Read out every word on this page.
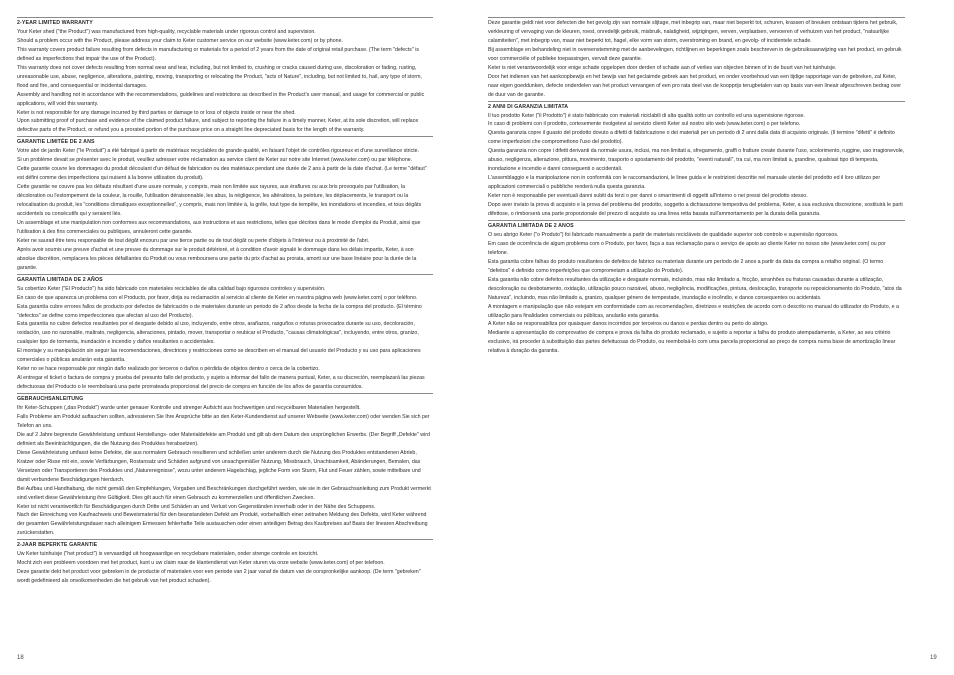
2-YEAR LIMITED WARRANTY

Your Keter shed ("the Product") was manufactured from high-quality, recyclable materials under rigorous control and supervision.

Should a problem occur with the Product, please address your claim to Keter customer service on our website (www.keter.com) or by phone.

This warranty covers product failure resulting from defects in manufacturing or materials for a period of 2 years from the date of original retail purchase. (The term "defects" is defined as imperfections that impair the use of the Product).

This warranty does not cover defects resulting from normal wear and tear, including, but not limited to, crushing or cracks caused during use, discoloration or fading, rusting, unreasonable use, abuse, negligence, alterations, painting, moving, transporting or relocating the Product, "acts of Nature", including, but not limited to, hail, any type of storm, flood and fire, and consequential or incidental damages.

Assembly and handling not in accordance with the recommendations, guidelines and restrictions as described in the Product's user manual, and usage for commercial or public applications, will void this warranty.

Keter is not responsible for any damage incurred by third parties or damage to or loss of objects inside or near the shed.

Upon submitting proof of purchase and evidence of the claimed product failure, and subject to reporting the failure in a timely manner, Keter, at its sole discretion, will replace defective parts of the Product, or refund you a prorated portion of the purchase price on a straight line depreciated basis for the length of the warranty.

GARANTIE LIMITÉE DE 2 ANS

Votre abri de jardin Keter ("le Produit") a été fabriqué à partir de matériaux recyclables de grande qualité, en faisant l'objet de contrôles rigoureux et d'une surveillance stricte.

Si un problème devait se présenter avec le produit, veuillez adresser votre réclamation au service client de Keter sur notre site Internet (www.keter.com) ou par téléphone.

Cette garantie couvre les dommages du produit découlant d'un défaut de fabrication ou des matériaux pendant une durée de 2 ans à partir de la date d'achat. (Le terme "défaut" est défini comme des imperfections qui nuisent à la bonne utilisation du produit).

Cette garantie ne couvre pas les défauts résultant d'une usure normale, y compris, mais non limitée aux rayures, aux éraflures ou aux bris provoqués par l'utilisation, la décoloration ou l'estompement de la couleur, la rouille, l'utilisation déraisonnable, les abus, la négligence, les altérations, la peinture, les déplacements, le transport ou la relocalisation du produit, les "conditions climatiques exceptionnelles", y compris, mais non limitée à, la grêle, tout type de tempête, les inondations et incendies, et tous dégâts accidentels ou consécutifs qui y seraient liés.

Un assemblage et une manipulation non conformes aux recommandations, aux instructions et aux restrictions, telles que décrites dans le mode d'emploi du Produit, ainsi que l'utilisation à des fins commerciales ou publiques, annuleront cette garantie.

Keter ne saurait être tenu responsable de tout dégât encouru par une tierce partie ou de tout dégât ou perte d'objets à l'intérieur ou à proximité de l'abri.

Après avoir soumis une preuve d'achat et une preuve du dommage sur le produit détérioré, et à condition d'avoir signalé le dommage dans les délais impartis, Keter, à son absolue discrétion, remplacera les pièces défaillantes du Produit ou vous remboursera une partie du prix d'achat au prorata, amorti sur une base linéaire pour la durée de la garantie.

GARANTÍA LIMITADA DE 2 AÑOS

Su cobertizo Keter ("El Producto") ha sido fabricado con materiales reciclables de alta calidad bajo rigurosos controles y supervisión.

En caso de que aparezca un problema con el Producto, por favor, dirija su reclamación al servicio al cliente de Keter en nuestra página web (www.keter.com) o por teléfono.

Esta garantía cubre errores fallos de producto por defectos de fabricación o de materiales durante un periodo de 2 años desde la fecha de la compra del producto. (El término "defectos" se define como imperfecciones que afectan al uso del Producto).

Esta garantía no cubre defectos resultantes por el desgaste debido al uso, incluyendo, entre otros, arañazos, rasguños o roturas provocados durante su uso, decoloración, oxidación, uso no razonable, maltrato, negligencia, alteraciones, pintado, mover, transportar o reubicar el Producto, "causas climatológicas", incluyendo, entre otros, granizo, cualquier tipo de tormenta, inundación e incendio y daños resultantes o accidentales.

El montaje y su manipulación sin seguir las recomendaciones, directrices y restricciones como se describen en el manual del usuario del Producto y su uso para aplicaciones comerciales o públicas anularán esta garantía.

Keter no se hace responsable por ningún daño realizado por terceros o daños o pérdida de objetos dentro o cerca de la cobertizo.

Al entregar el ticket o factura de compra y prueba del presunto fallo del producto, y sujeto a informar del fallo de manera puntual, Keter, a su discreción, reemplazará las piezas defectuosas del Producto o le reembolsará una parte prorrateada proporcional del precio de compra en función de los años de garantía consumidos.

GEBRAUCHSANLEITUNG

Ihr Keter-Schuppen („das Produkt") wurde unter genauer Kontrolle und strenger Aufsicht aus hochwertigen und recycelbaren Materialien hergestellt.

Falls Probleme am Produkt auftauchen sollten, adressieren Sie Ihre Ansprüche bitte an den Keter-Kundendienst auf unserer Webseite (www.keter.com) oder wenden Sie sich per Telefon an uns.

Die auf 2 Jahre begrenzte Gewährleistung umfasst Herstellungs- oder Materialdefekte am Produkt und gilt ab dem Datum des ursprünglichen Erwerbs. (Der Begriff „Defekte" wird definiert als Beeinträchtigungen, die die Nutzung des Produktes herabsetzen).

Diese Gewährleistung umfasst keine Defekte, die aus normalem Gebrauch resultieren und schließen unter anderem durch die Nutzung des Produktes entstandenen Abrieb, Kratzer oder Risse mit ein, sowie Verfärbungen, Rostansatz und Schäden aufgrund von unsachgemäßer Nutzung, Missbrauch, Unachtsamkeit, Abänderungen, Bemalen, das Versetzen oder Transportieren des Produktes und „Naturereignisse", wozu unter anderem Hagelschlag, jegliche Form von Sturm, Flut und Feuer zählen, sowie mittelbare und damit verbundene Beschädigungen hierdurch.

Bei Aufbau und Handhabung, die nicht gemäß den Empfehlungen, Vorgaben und Beschränkungen durchgeführt werden, wie sie in der Gebrauchsanleitung zum Produkt vermerkt sind verliert diese Gewährleistung ihre Gültigkeit. Dies gilt auch für einen Gebrauch zu kommerziellen und öffentlichen Zwecken.

Keter ist nicht verantwortlich für Beschädigungen durch Dritte und Schäden an und Verlust von Gegenständen innerhalb oder in der Nähe des Schuppens.

Nach der Einreichung von Kaufnachweis und Beweismaterial für den beanstandeten Defekt am Produkt, vorbehaltlich einer zeitnahen Meldung des Defekts, wird Keter während der gesamten Gewährleistungsdauer nach alleinigem Ermessen fehlerhafte Teile austauschen oder einen anteiligen Betrag des Kaufpreises auf Basis der linearen Abschreibung zurückerstatten.

2-JAAR BEPERKTE GARANTIE

Uw Keter tuinhuisje ("het product") is vervaardigd uit hoogwaardige en recyclebare materialen, onder strenge controle en toezicht.

Mocht zich een probleem voordoen met het product, kunt u uw claim naar de klantendienst van Keter sturen via onze website (www.keter.com) of per telefoon.

Deze garantie dekt het product voor gebreken in de productie of materialen voor een periode van 2 jaar vanaf de datum van de oorspronkelijke aankoop. (De term "gebreken" wordt gedefinieerd als onvolkomenheden die het gebruik van het product schaden).

Deze garantie geldt niet voor defecten die het gevolg zijn van normale slijtage, met inbegrip van, maar niet beperkt tot, schuren, krassen of breuken ontstaan tijdens het gebruik, verkleuring of vervaging van de kleuren, roest, onredelijk gebruik, misbruik, nalatigheid, wijzigingen, verven, verplaatsen, vervoeren of verhuizen van het product, "natuurlijke calamiteiten", met inbegrip van, maar niet beperkt tot, hagel, elke vorm van storm, overstroming en brand, en gevolg- of incidentele schade.

Bij assemblage en behandeling niet in overeenstemming met de aanbevelingen, richtlijnen en beperkingen zoals beschreven in de gebruiksaanwijzing van het product, en gebruik voor commerciële of publieke toepassingen, vervalt deze garantie.

Keter is niet verantwoordelijk voor enige schade opgelopen door derden of schade aan of verlies van objecten binnen of in de buurt van het tuinhuisje.

Door het indienen van het aankoopbewijs en het bewijs van het geclaimde gebrek aan het product, en onder voorbehoud van een tijdige rapportage van de gebreken, zal Keter, naar eigen goeddunken, defecte onderdelen van het product vervangen of een pro rata deel van de koopprijs terugbetalen van op basis van een lineair afgeschreven bedrag over de duur van de garantie.

2 ANNI DI GARANZIA LIMITATA

Il tuo prodotto Keter ("il Prodotto") è stato fabbricato con materiali riciclabili di alta qualità sotto un controllo ed una supervisione rigorose.

In caso di problemi con il prodotto, cortesemente rivolgetevi al servizio clienti Keter sul nostro sito web (www.keter.com) o per telefono.

Questa garanzia copre il guasto del prodotto dovuto a difetti di fabbricazione o dei materiali per un periodo di 2 anni dalla data di acquisto originale. (Il termine "difetti" è definito come imperfezioni che compromettono l'uso del prodotto).

Questa garanzia non copre i difetti derivanti da normale usura, inclusi, ma non limitati a, sfregamento, graffi o fratture create durante l'uso, scolorimento, ruggine, uso irragionevole, abuso, negligenza, alterazione, pittura, movimento, trasporto o spostamento del prodotto, "eventi naturali", tra cui, ma non limitati a, grandine, qualsiasi tipo di tempesta, inondazione e incendio e danni conseguenti o accidentali.

L'assemblaggio e la manipolazione non in conformità con le raccomandazioni, le linee guida e le restrizioni descritte nel manuale utente del prodotto ed il loro utilizzo per applicazioni commerciali o pubbliche renderà nulla questa garanzia.

Keter non è responsabile per eventuali danni subiti da terzi o per danni o smarrimenti di oggetti all'interno o nei pressi del prodotto stesso.

Dopo aver inviato la prova di acquisto e la prova del problema del prodotto, soggetto a dichiarazione tempestiva del problema, Keter, a sua esclusiva discrezione, sostituirà le parti difettose, o rimborserà una parte proporzionale del prezzo di acquisto su una linea retta basata sull'ammortamento per la durata della garanzia.

GARANTIA LIMITADA DE 2 ANOS

O seu abrigo Keter ("o Produto") foi fabricado manualmente a partir de materiais recicláveis de qualidade superior sob controlo e supervisão rigorosos.

Em caso de ocorrência de algum problema com o Produto, por favor, faça a sua reclamação para o serviço de apoio ao cliente Keter no nosso site (www.keter.com) ou por telefone.

Esta garantia cobre falhas do produto resultantes de defeitos de fabrico ou materiais durante um período de 2 anos a partir da data da compra a retalho original. (O termo "defeitos" é definido como imperfeições que comprometam a utilização do Produto).

Esta garantia não cobre defeitos resultantes da utilização e desgaste normais, incluindo, mas não limitado a, fricção, arranhões ou fraturas causadas durante a utilização, descoloração ou desbotamento, oxidação, utilização pouco razoável, abuso, negligência, modificações, pintura, deslocação, transporte ou reposicionamento do Produto, "atos da Natureza", incluindo, mas não limitado a, granizo, qualquer género de tempestade, inundação e incêndio, e danos consequentes ou acidentais.

A montagem e manipulação que não estejam em conformidade com as recomendações, diretrizes e restrições de acordo com o descrito no manual do utilizador do Produto, e a utilização para finalidades comerciais ou públicas, anularão esta garantia.

A Keter não se responsabiliza por quaisquer danos incorridos por terceiros ou danos e perdas dentro ou perto do abrigo.

Mediante a apresentação do comprovativo de compra e prova da falha do produto reclamado, e sujeito a reportar a falha do produto atempadamente, a Keter, ao seu critério exclusivo, irá proceder à substituição das partes defeituosas do Produto, ou reembolsá-lo com uma parcela proporcional ao preço de compra numa base de amortização linear relativa à duração da garantia.

18	19
